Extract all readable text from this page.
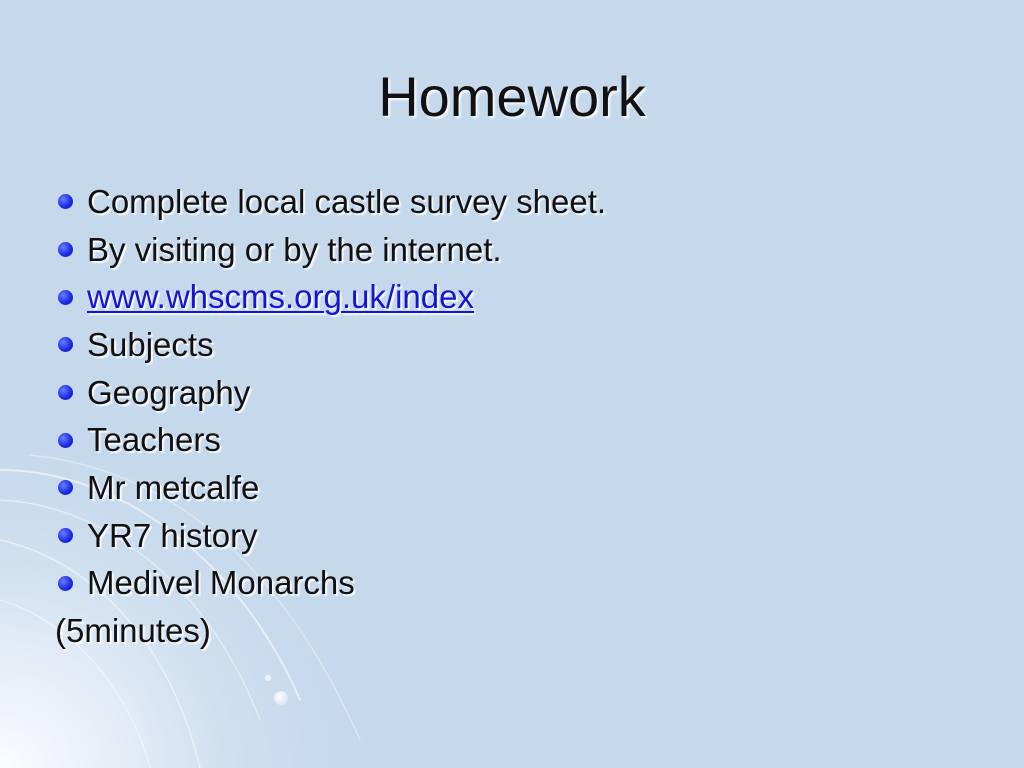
Homework
Complete local castle survey sheet.
By visiting or by the internet.
www.whscms.org.uk/index
Subjects
Geography
Teachers
Mr metcalfe
YR7 history
Medivel Monarchs
(5minutes)
